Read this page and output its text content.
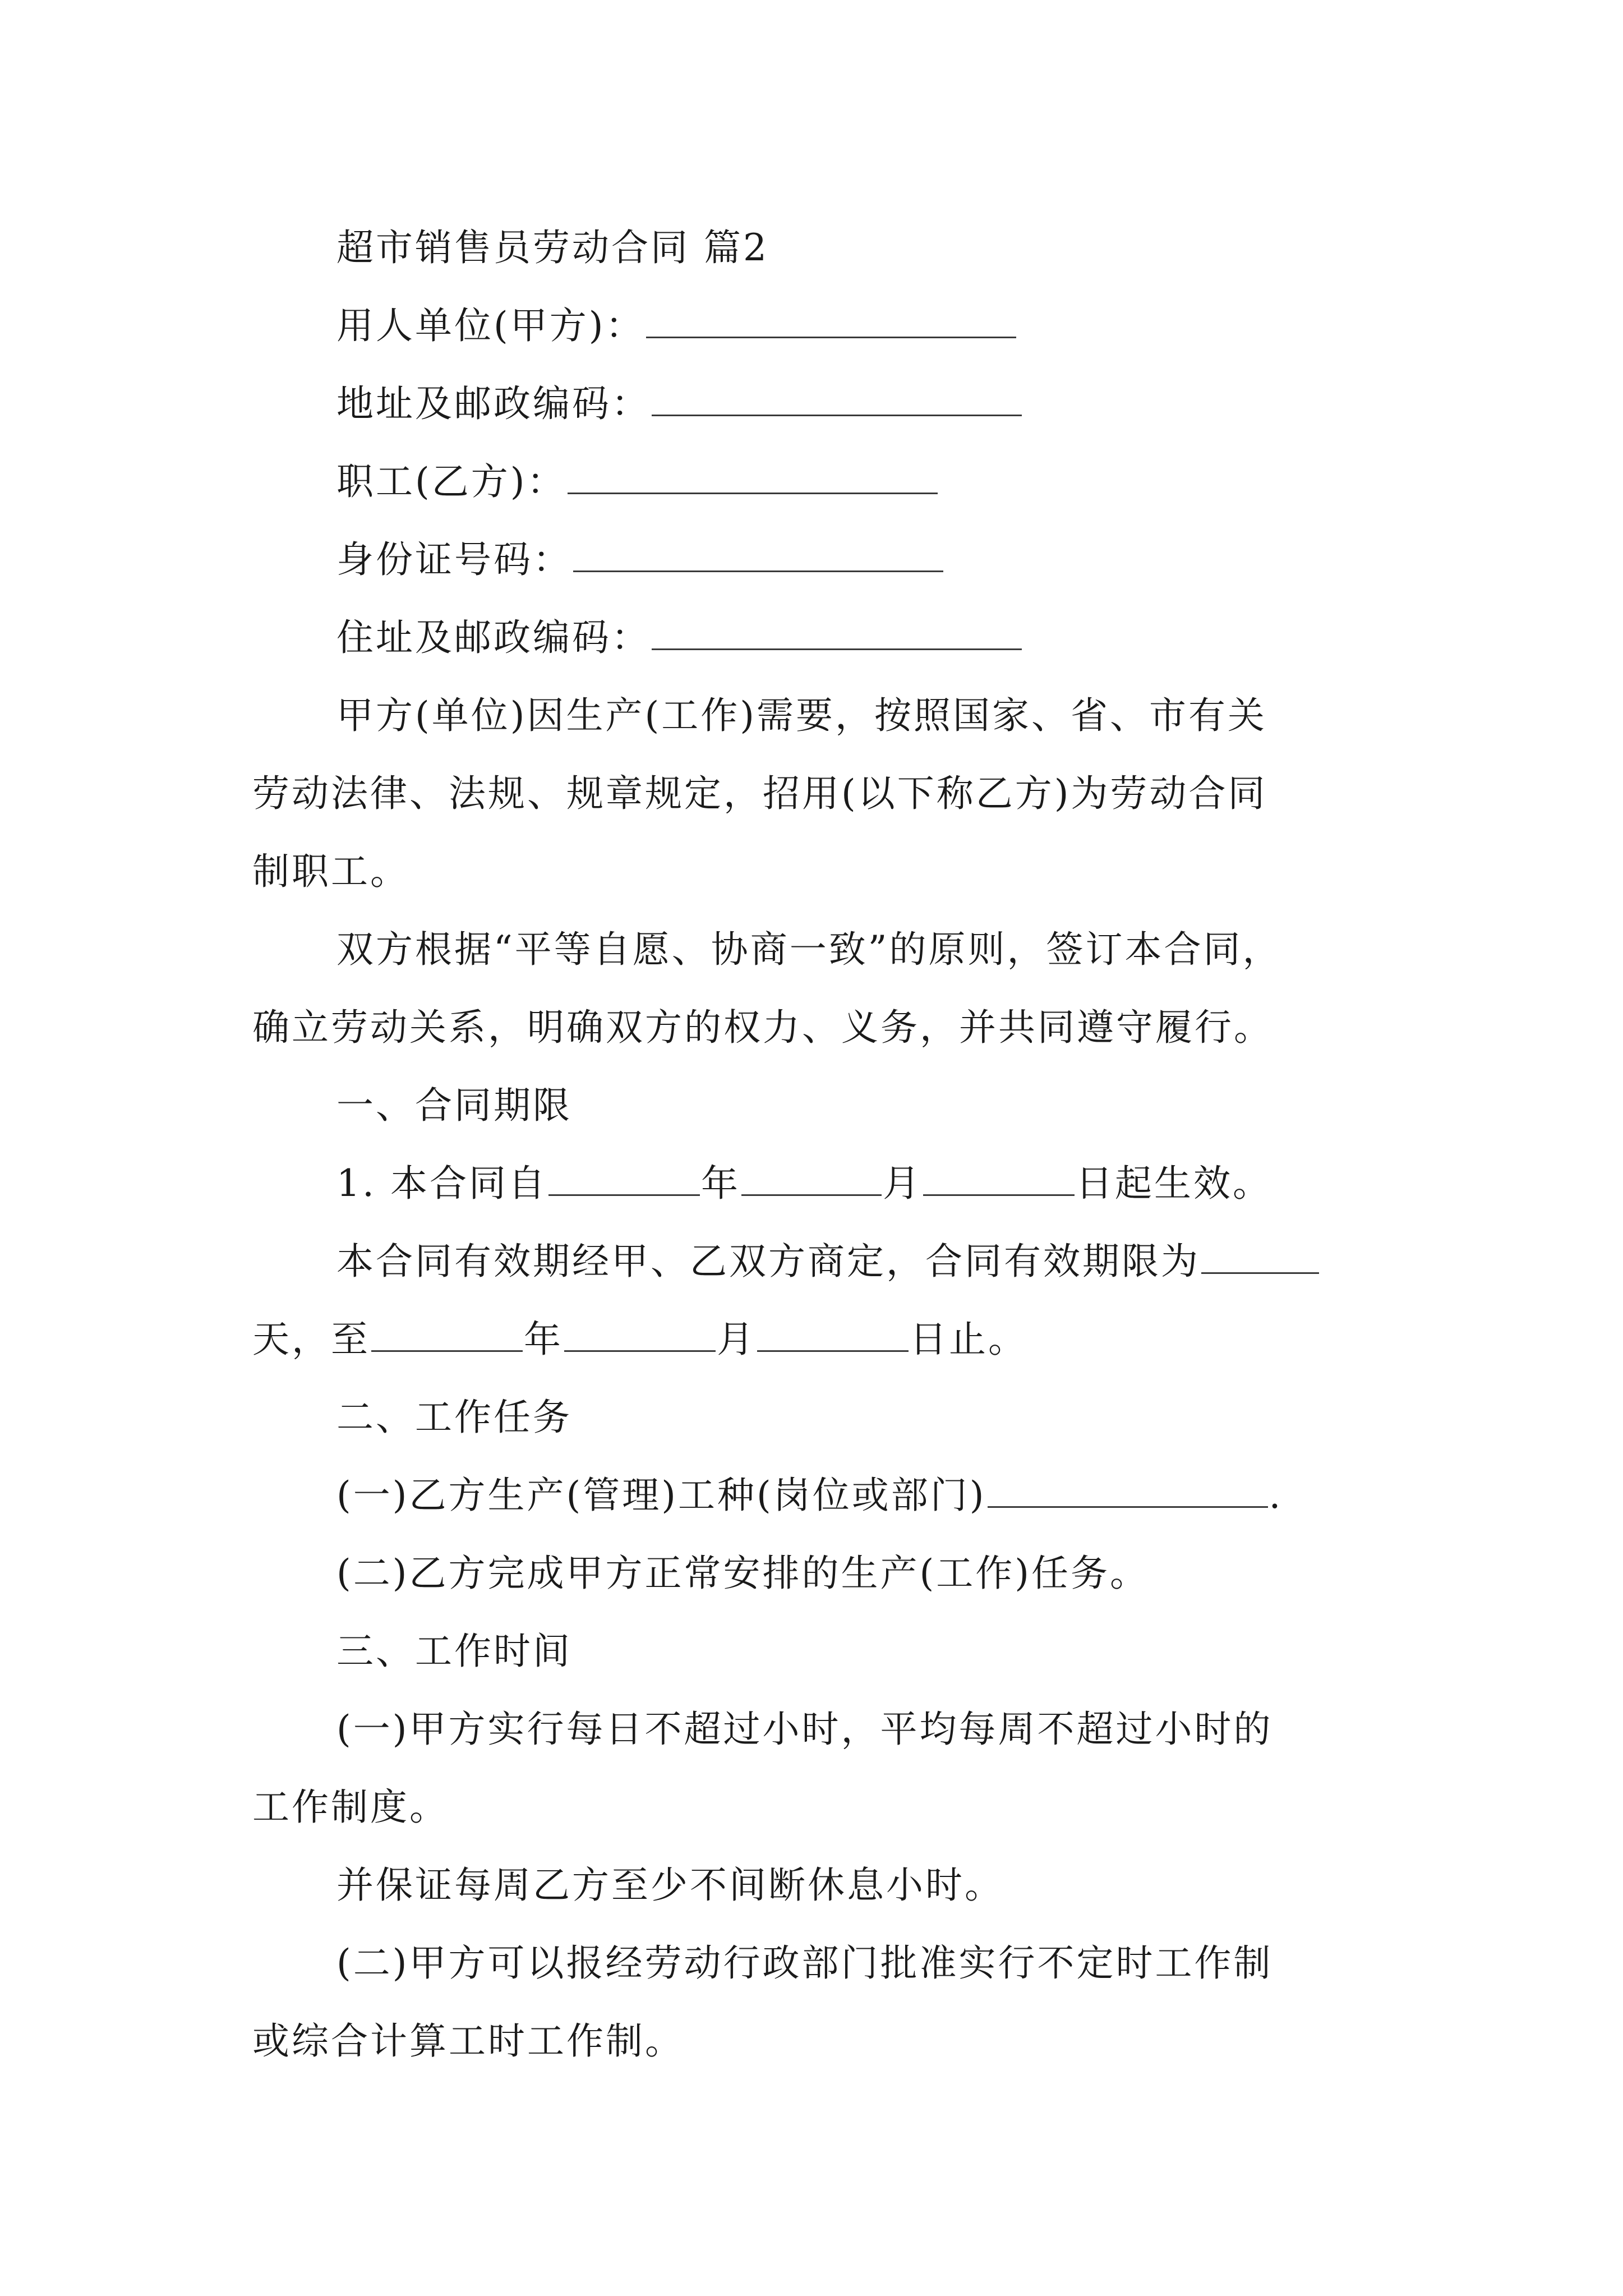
超市销售员劳动合同 篇2
用人单位(甲方)：
地址及邮政编码：
职工(乙方)：
身份证号码：
住址及邮政编码：
甲方(单位)因生产(工作)需要，按照国家、省、市有关
劳动法律、法规、规章规定，招用(以下称乙方)为劳动合同
制职工。
双方根据“平等自愿、协商一致”的原则，签订本合同，
确立劳动关系，明确双方的权力、义务，并共同遵守履行。
一、合同期限
1. 本合同自	年	月	日起生效。
本合同有效期经甲、乙双方商定，合同有效期限为
天，至	年	月	日止。
二、工作任务
(一)乙方生产(管理)工种(岗位或部门)	.
(二)乙方完成甲方正常安排的生产(工作)任务。
三、工作时间
(一)甲方实行每日不超过小时，平均每周不超过小时的
工作制度。
并保证每周乙方至少不间断休息小时。
(二)甲方可以报经劳动行政部门批准实行不定时工作制
或综合计算工时工作制。
